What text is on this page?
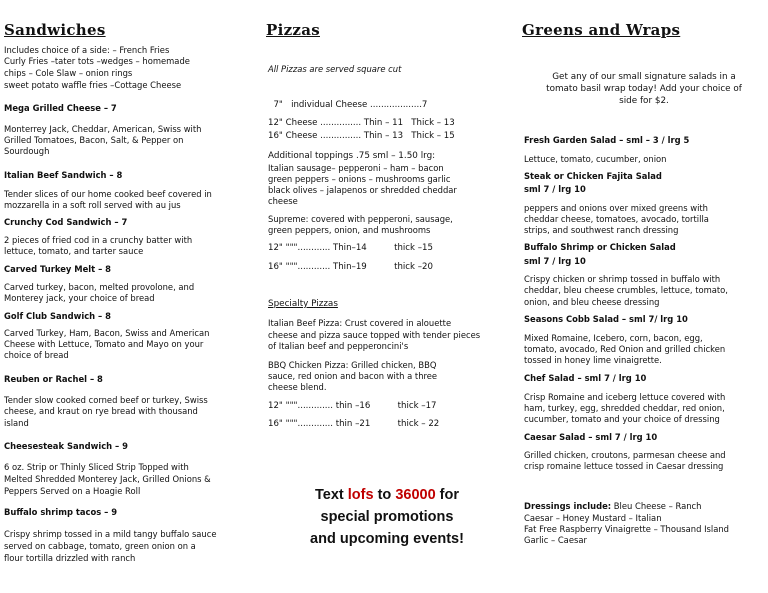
Sandwiches
Includes choice of a side: – French Fries
Curly Fries –tater tots –wedges – homemade
chips – Cole Slaw – onion rings
sweet potato waffle fries –Cottage Cheese
Mega Grilled Cheese – 7
Monterrey Jack, Cheddar, American, Swiss with
Grilled Tomatoes, Bacon, Salt, & Pepper on
Sourdough
Italian Beef Sandwich – 8
Tender slices of our home cooked beef covered in
mozzarella in a soft roll served with au jus
Crunchy Cod Sandwich – 7
2 pieces of fried cod in a crunchy batter with
lettuce, tomato, and tarter sauce
Carved Turkey Melt – 8
Carved turkey, bacon, melted provolone, and
Monterey jack, your choice of bread
Golf Club Sandwich – 8
Carved Turkey, Ham, Bacon, Swiss and American
Cheese with Lettuce, Tomato and Mayo on your
choice of bread
Reuben or Rachel – 8
Tender slow cooked corned beef or turkey, Swiss
cheese, and kraut on rye bread with thousand
island
Cheesesteak Sandwich – 9
6 oz. Strip or Thinly Sliced Strip Topped with
Melted Shredded Monterey Jack, Grilled Onions &
Peppers Served on a Hoagie Roll
Buffalo shrimp tacos – 9
Crispy shrimp tossed in a mild tangy buffalo sauce
served on cabbage, tomato, green onion on a
flour tortilla drizzled with ranch
Pizzas
All Pizzas are served square cut
7"   individual Cheese ...................7
12" Cheese ............... Thin – 11   Thick – 13
16" Cheese ............... Thin – 13   Thick – 15
Additional toppings .75 sml – 1.50 lrg:
Italian sausage– pepperoni – ham – bacon
green peppers – onions – mushrooms garlic
black olives – jalapenos or shredded cheddar
cheese
Supreme: covered with pepperoni, sausage,
green peppers, onion, and mushrooms
12" """............ Thin–14          thick –15
16" """............ Thin–19          thick –20
Specialty Pizzas
Italian Beef Pizza: Crust covered in alouette
cheese and pizza sauce topped with tender pieces
of Italian beef and pepperoncini's
BBQ Chicken Pizza: Grilled chicken, BBQ
sauce, red onion and bacon with a three
cheese blend.
12" """............. thin –16          thick –17
16" """............. thin –21          thick – 22
Text lofs to 36000 for
special promotions
and upcoming events!
Greens and Wraps
Get any of our small signature salads in a
tomato basil wrap today! Add your choice of
side for $2.
Fresh Garden Salad – sml – 3 / lrg 5
Lettuce, tomato, cucumber, onion
Steak or Chicken Fajita Salad
sml 7 / lrg 10
peppers and onions over mixed greens with
cheddar cheese, tomatoes, avocado, tortilla
strips, and southwest ranch dressing
Buffalo Shrimp or Chicken Salad
sml 7 / lrg 10
Crispy chicken or shrimp tossed in buffalo with
cheddar, bleu cheese crumbles, lettuce, tomato,
onion, and bleu cheese dressing
Seasons Cobb Salad – sml 7/ lrg 10
Mixed Romaine, Icebero, corn, bacon, egg,
tomato, avocado, Red Onion and grilled chicken
tossed in honey lime vinaigrette.
Chef Salad – sml 7 / lrg 10
Crisp Romaine and iceberg lettuce covered with
ham, turkey, egg, shredded cheddar, red onion,
cucumber, tomato and your choice of dressing
Caesar Salad – sml 7 / lrg 10
Grilled chicken, croutons, parmesan cheese and
crisp romaine lettuce tossed in Caesar dressing
Dressings include: Bleu Cheese – Ranch
Caesar – Honey Mustard – Italian
Fat Free Raspberry Vinaigrette – Thousand Island
Garlic – Caesar
